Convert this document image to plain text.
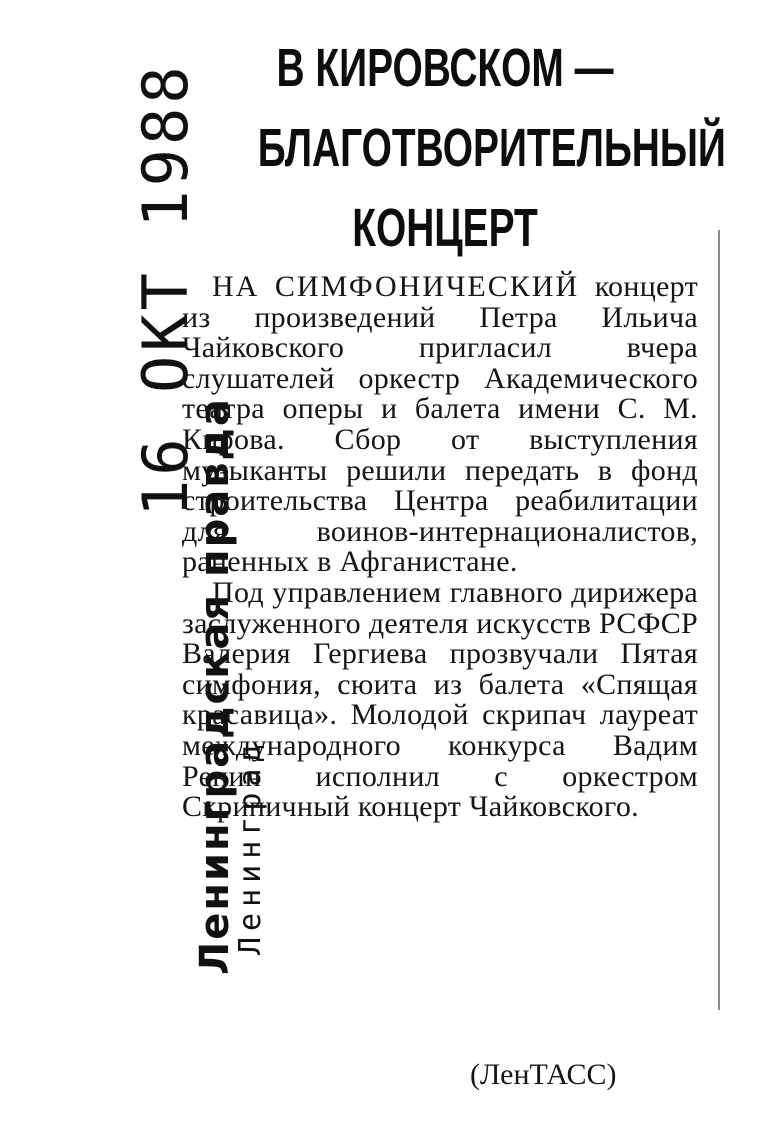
16 ОКТ 1988
Ленинградская правда
Ленинград
В КИРОВСКОМ —
БЛАГОТВОРИТЕЛЬНЫЙ
КОНЦЕРТ

НА СИМФОНИЧЕСКИЙ концерт из произведений Петра Ильича Чайковского пригласил вчера слушателей оркестр Академического театра оперы и балета имени С. М. Кирова. Сбор от выступления музыканты решили передать в фонд строительства Центра реабилитации для воинов-интернационалистов, раненных в Афганистане.

Под управлением главного дирижера заслуженного деятеля искусств РСФСР Валерия Гергиева прозвучали Пятая симфония, сюита из балета «Спящая красавица». Молодой скрипач лауреат международного конкурса Вадим Репин исполнил с оркестром Скрипичный концерт Чайковского.

(ЛенТАСС)
